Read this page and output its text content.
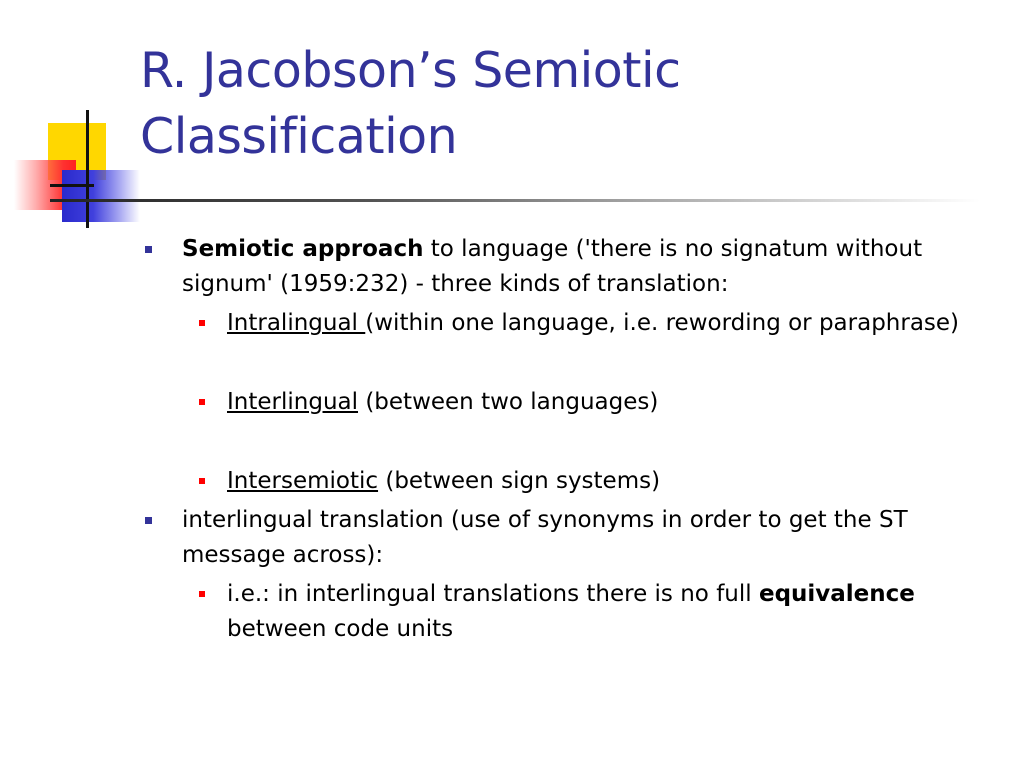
R. Jacobson’s Semiotic
Classification

Semiotic approach to language ('there is no signatum without signum' (1959:232) - three kinds of translation:

Intralingual (within one language, i.e. rewording or paraphrase)

Interlingual (between two languages)

Intersemiotic (between sign systems)

interlingual translation (use of synonyms in order to get the ST message across):

i.e.: in interlingual translations there is no full equivalence between code units
